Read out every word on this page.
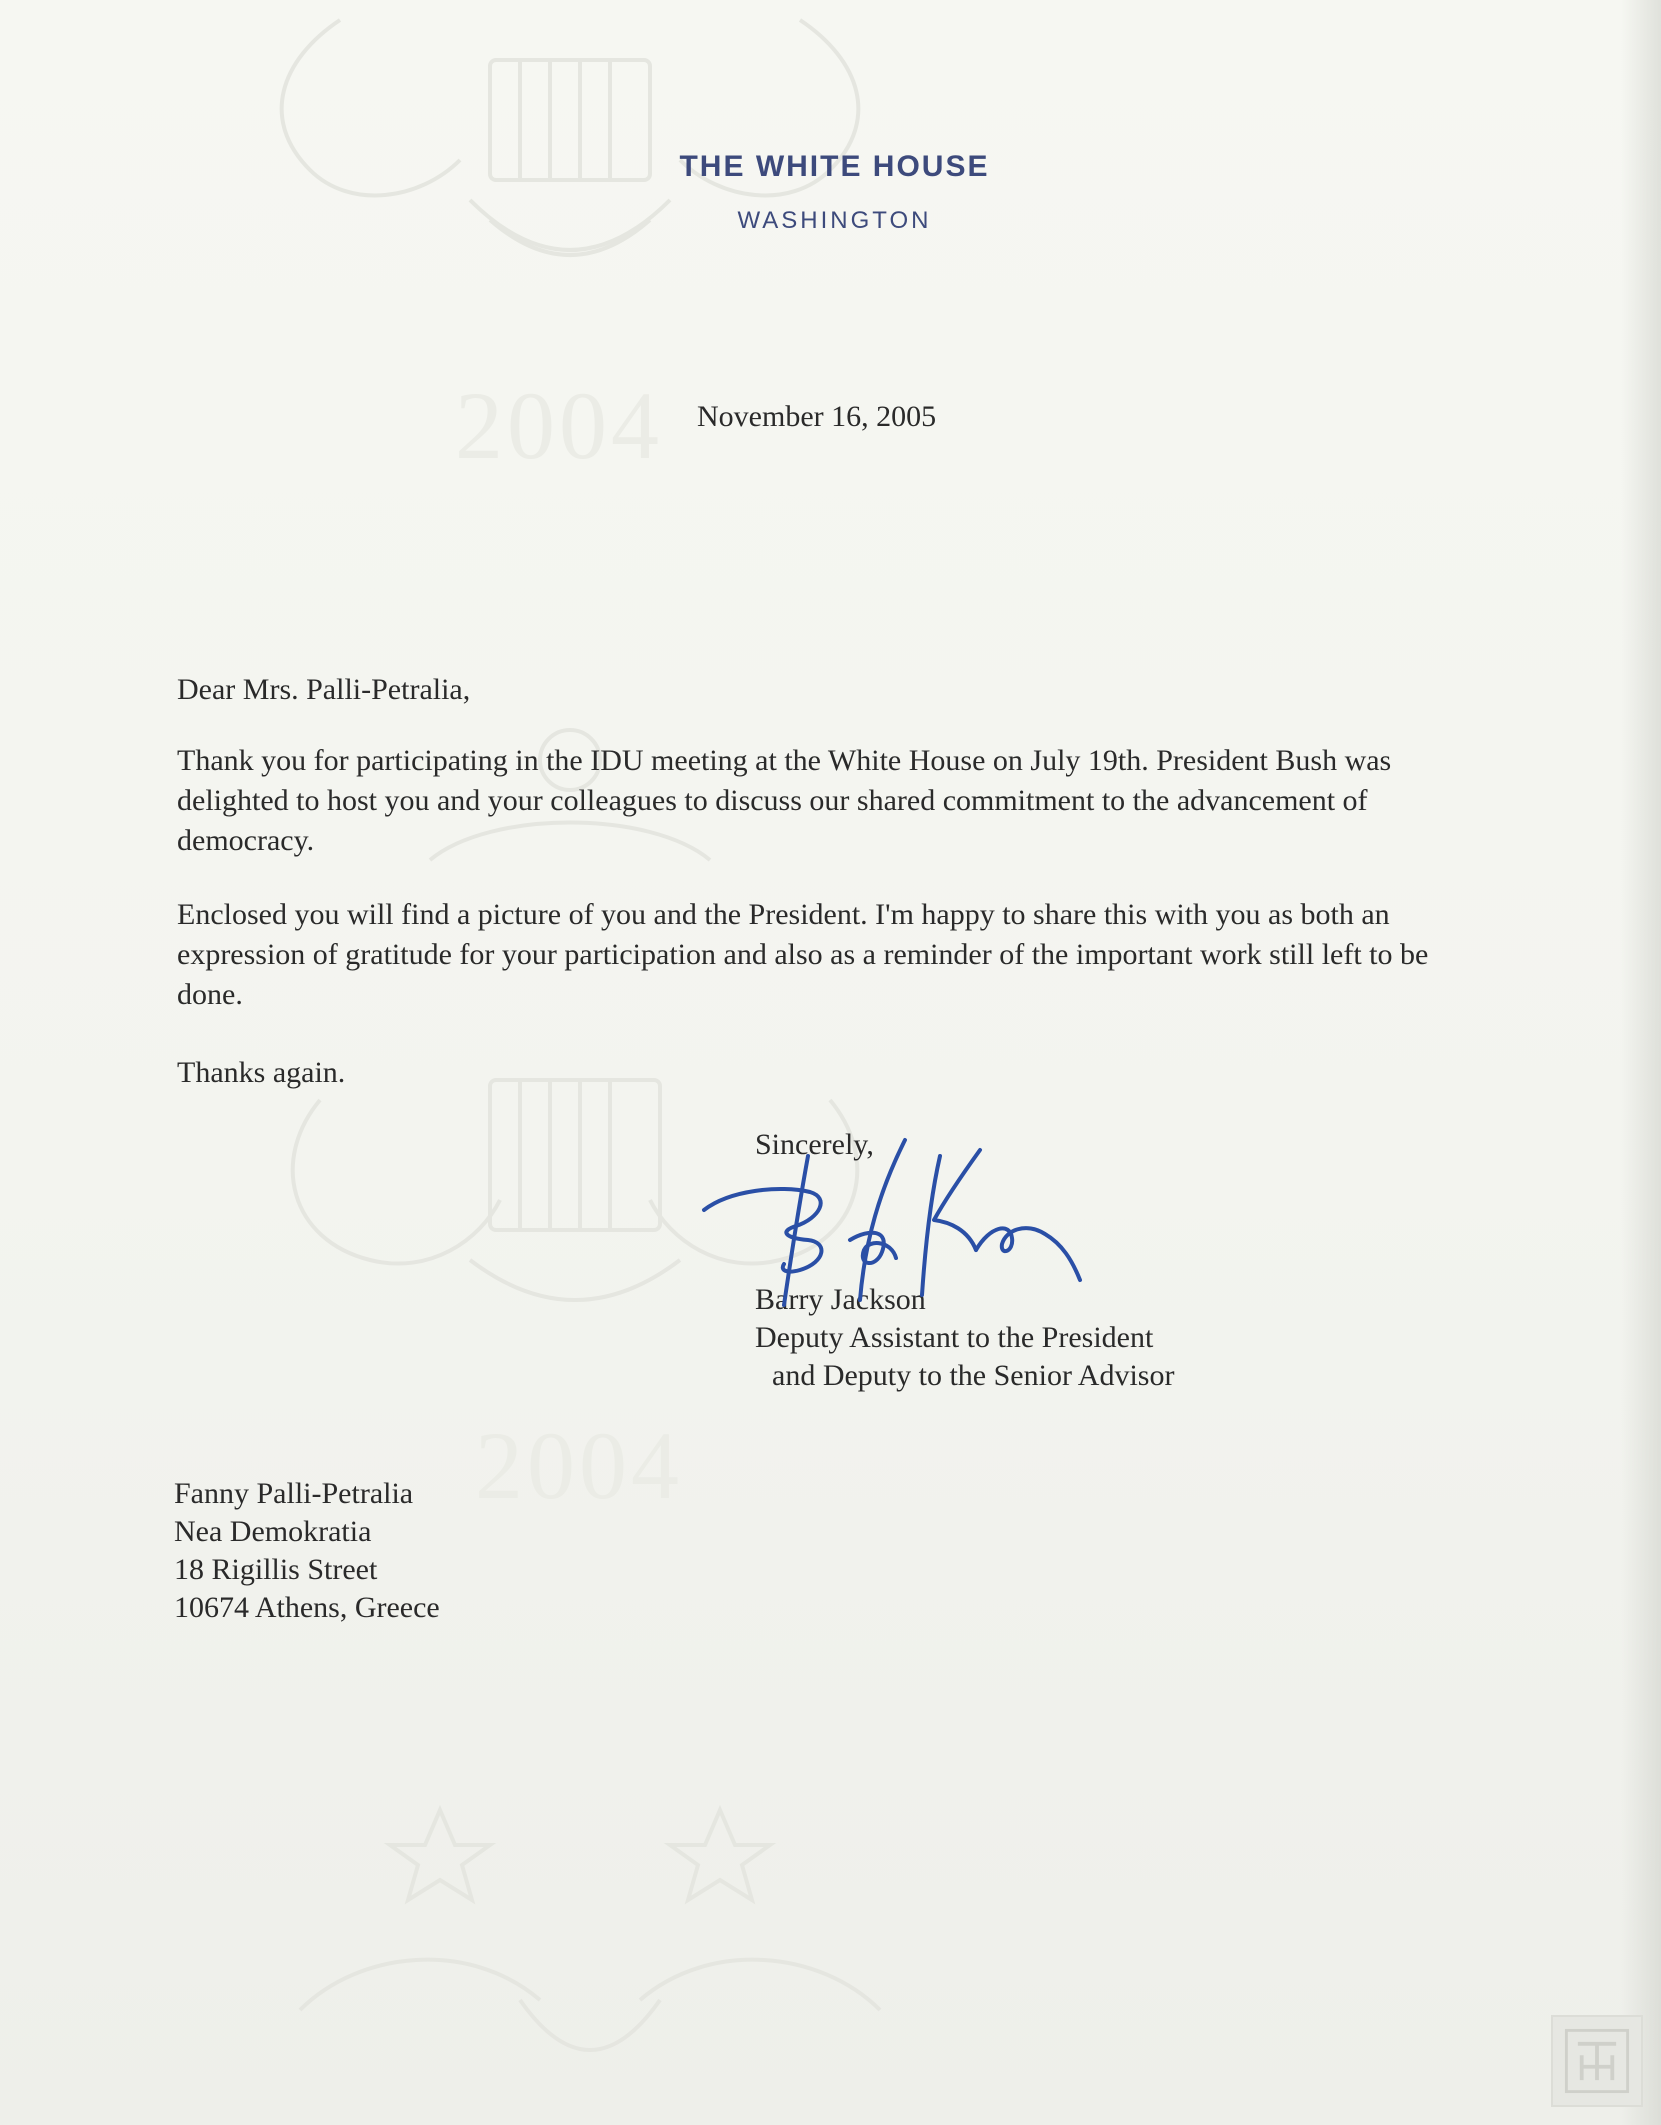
2004
2004
THE WHITE HOUSE
WASHINGTON
November 16, 2005
Dear Mrs. Palli-Petralia,
Thank you for participating in the IDU meeting at the White House on July 19th. President Bush was delighted to host you and your colleagues to discuss our shared commitment to the advancement of democracy.
Enclosed you will find a picture of you and the President. I'm happy to share this with you as both an expression of gratitude for your participation and also as a reminder of the important work still left to be done.
Thanks again.
Sincerely,
Barry Jackson
Deputy Assistant to the President
and Deputy to the Senior Advisor
Fanny Palli-Petralia
Nea Demokratia
18 Rigillis Street
10674 Athens, Greece
